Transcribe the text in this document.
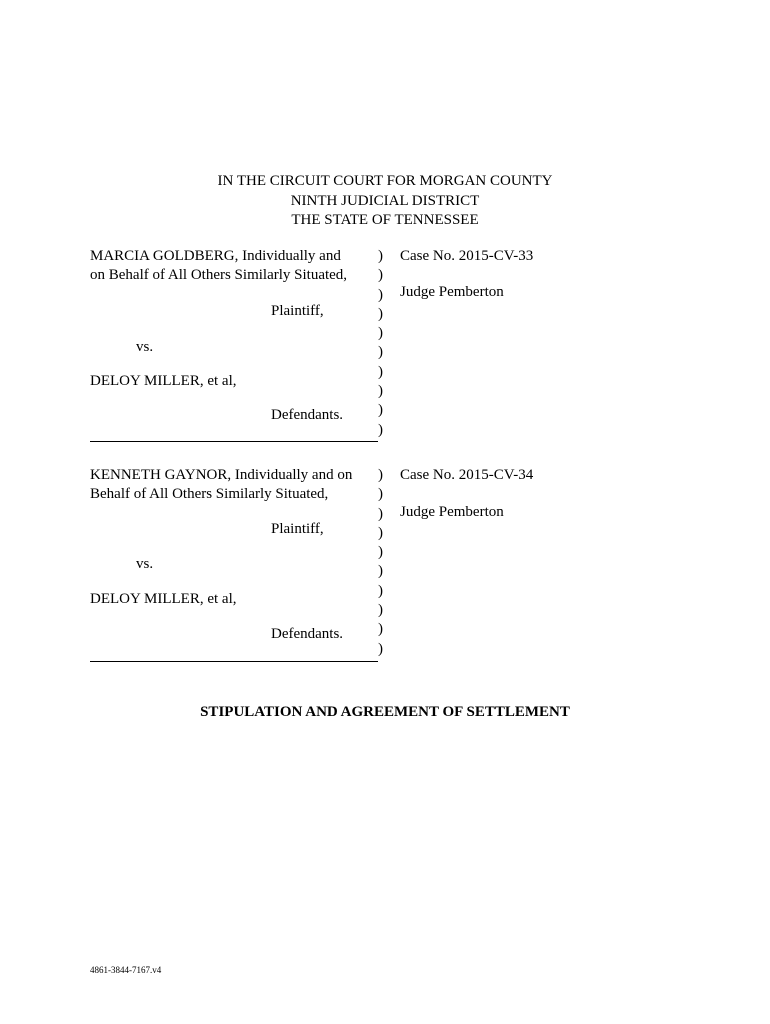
IN THE CIRCUIT COURT FOR MORGAN COUNTY
NINTH JUDICIAL DISTRICT
THE STATE OF TENNESSEE
MARCIA GOLDBERG, Individually and
on Behalf of All Others Similarly Situated,
Plaintiff,
vs.
DELOY MILLER, et al,
Defendants.
)
)
)
)
)
)
)
)
)
)
Case No. 2015-CV-33
Judge Pemberton
KENNETH GAYNOR, Individually and on
Behalf of All Others Similarly Situated,
Plaintiff,
vs.
DELOY MILLER, et al,
Defendants.
)
)
)
)
)
)
)
)
)
)
Case No. 2015-CV-34
Judge Pemberton
STIPULATION AND AGREEMENT OF SETTLEMENT
4861-3844-7167.v4
